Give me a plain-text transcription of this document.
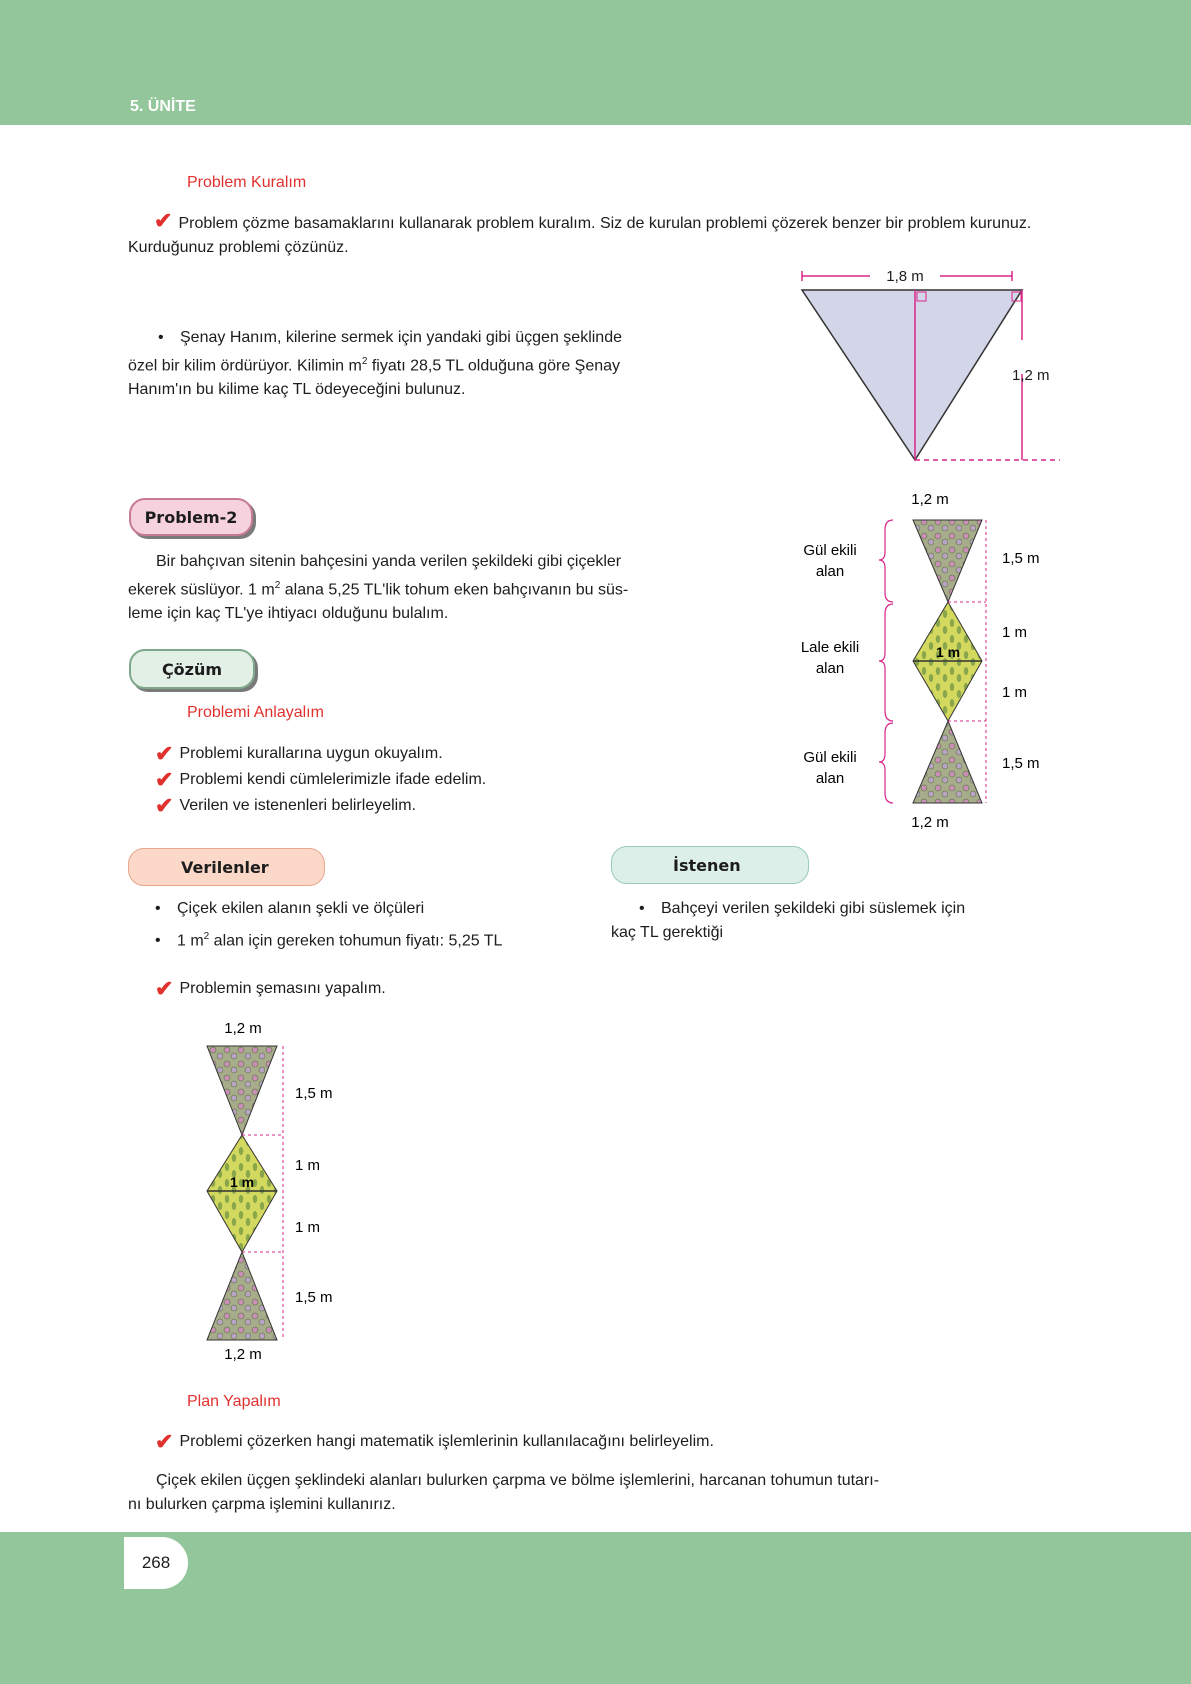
5. ÜNİTE
Problem Kuralım
✔ Problem çözme basamaklarını kullanarak problem kuralım. Siz de kurulan problemi çözerek benzer bir problem kurunuz. Kurduğunuz problemi çözünüz.
• Şenay Hanım, kilerine sermek için yandaki gibi üçgen şeklinde
özel bir kilim ördürüyor. Kilimin $m^2$ fiyatı 28,5 TL olduğuna göre Şenay
Hanım'ın bu kilime kaç TL ödeyeceğini bulunuz.
1,8 m
1,2 m
Problem-2
Bir bahçıvan sitenin bahçesini yanda verilen şekildeki gibi çiçekler
ekerek süslüyor. 1 $m^2$ alana 5,25 TL'lik tohum eken bahçıvanın bu süs-
leme için kaç TL'ye ihtiyacı olduğunu bulalım.
1,2 m
1 m
1,5 m
1 m
1 m
1,5 m
1,2 m
Gül ekili
alan
Lale ekili
alan
Gül ekili
alan
Çözüm
Problemi Anlayalım
✔ Problemi kurallarına uygun okuyalım.
✔ Problemi kendi cümlelerimizle ifade edelim.
✔ Verilen ve istenenleri belirleyelim.
Verilenler	İstenen
• Çiçek ekilen alanın şekli ve ölçüleri
• 1 $m^2$ alan için gereken tohumun fiyatı: 5,25 TL
• Bahçeyi verilen şekildeki gibi süslemek için
kaç TL gerektiği
✔ Problemin şemasını yapalım.
1,2 m
1 m
1,5 m
1 m
1 m
1,5 m
1,2 m
Plan Yapalım
✔ Problemi çözerken hangi matematik işlemlerinin kullanılacağını belirleyelim.
Çiçek ekilen üçgen şeklindeki alanları bulurken çarpma ve bölme işlemlerini, harcanan tohumun tutarı-
nı bulurken çarpma işlemini kullanırız.
268
